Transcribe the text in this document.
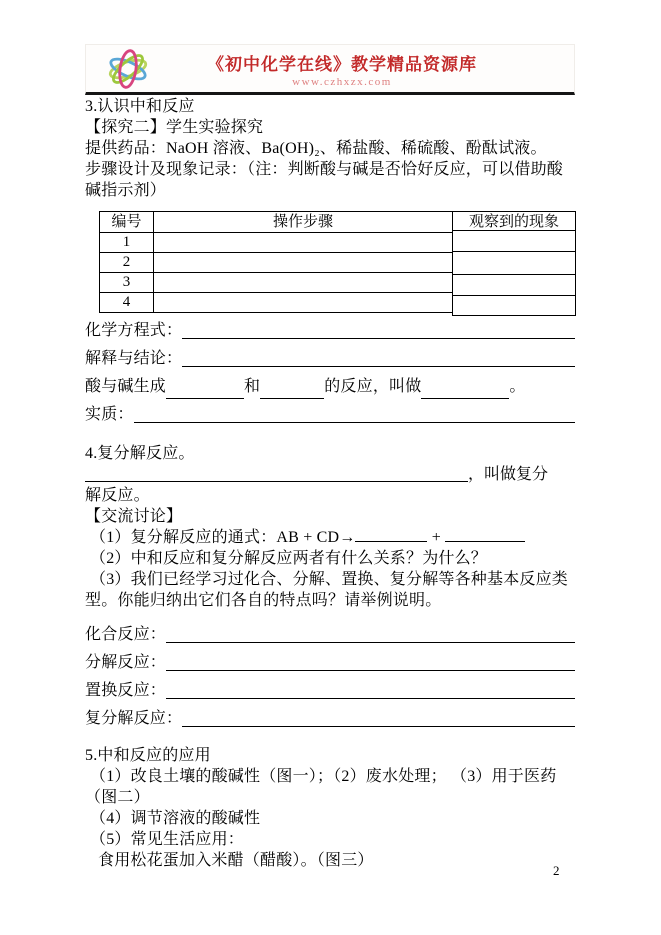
《初中化学在线》教学精品资源库
www.czhxzx.com

3.认识中和反应

【探究二】学生实验探究

提供药品：NaOH 溶液、Ba(OH)₂、稀盐酸、稀硫酸、酚酞试液。

步骤设计及现象记录：（注：判断酸与碱是否恰好反应，可以借助酸碱指示剂）

编号	操作步骤	观察到的现象
1		
2		
3		
4		
化学方程式：
解释与结论：
酸与碱生成	和	的反应，叫做	。
实质：

4.复分解反应。

，叫做复分

解反应。

【交流讨论】

（1）复分解反应的通式：AB + CD→	+

（2）中和反应和复分解反应两者有什么关系？为什么？

（3）我们已经学习过化合、分解、置换、复分解等各种基本反应类型。你能归纳出它们各自的特点吗？请举例说明。

化合反应：
分解反应：
置换反应：
复分解反应：

5.中和反应的应用

（1）改良土壤的酸碱性（图一）；（2）废水处理； （3）用于医药（图二）

（4）调节溶液的酸碱性

（5）常见生活应用：

食用松花蛋加入米醋（醋酸）。（图三）

2
